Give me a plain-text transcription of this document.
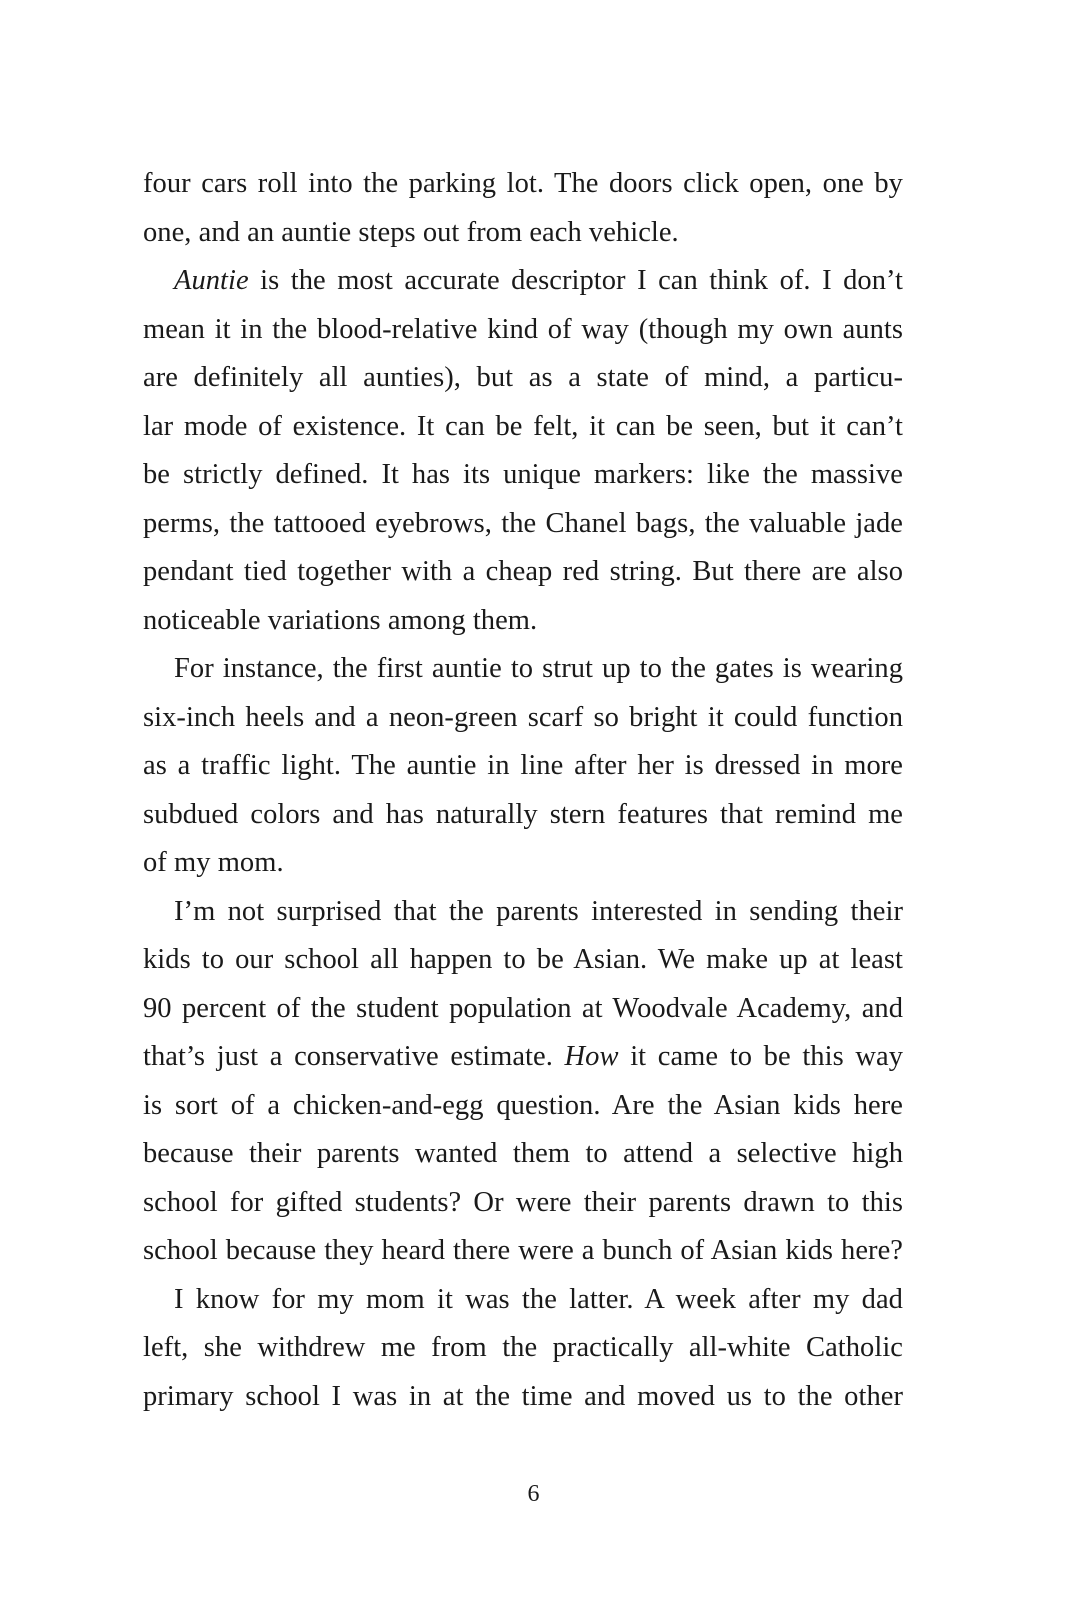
four cars roll into the parking lot. The doors click open, one by
one, and an auntie steps out from each vehicle.
Auntie is the most accurate descriptor I can think of. I don’t
mean it in the blood-relative kind of way (though my own aunts
are definitely all aunties), but as a state of mind, a particu-
lar mode of existence. It can be felt, it can be seen, but it can’t
be strictly defined. It has its unique markers: like the massive
perms, the tattooed eyebrows, the Chanel bags, the valuable jade
pendant tied together with a cheap red string. But there are also
noticeable variations among them.
For instance, the first auntie to strut up to the gates is wearing
six-inch heels and a neon-green scarf so bright it could function
as a traffic light. The auntie in line after her is dressed in more
subdued colors and has naturally stern features that remind me
of my mom.
I’m not surprised that the parents interested in sending their
kids to our school all happen to be Asian. We make up at least
90 percent of the student population at Woodvale Academy, and
that’s just a conservative estimate. How it came to be this way
is sort of a chicken-and-egg question. Are the Asian kids here
because their parents wanted them to attend a selective high
school for gifted students? Or were their parents drawn to this
school because they heard there were a bunch of Asian kids here?
I know for my mom it was the latter. A week after my dad
left, she withdrew me from the practically all-white Catholic
primary school I was in at the time and moved us to the other
6
